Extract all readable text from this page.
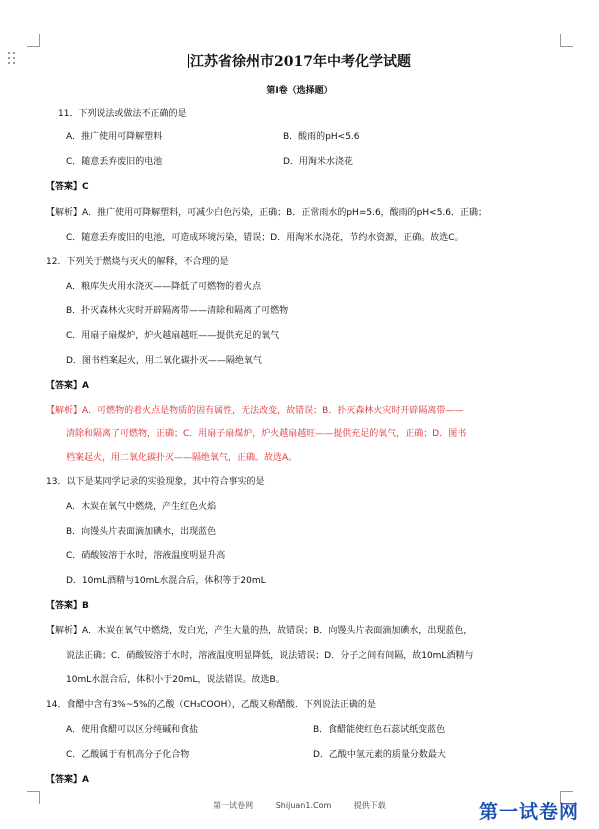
江苏省徐州市2017年中考化学试题
第Ⅰ卷（选择题）
11．下列说法或做法不正确的是
A．推广使用可降解塑料	B．酸雨的pH<5.6
C．随意丢弃废旧的电池	D．用淘米水浇花
【答案】C
【解析】A．推广使用可降解塑料，可减少白色污染，正确；B．正常雨水的pH=5.6，酸雨的pH<5.6．正确；
C．随意丢弃废旧的电池，可造成环境污染，错误；D．用淘米水浇花，节约水资源，正确。故选C。
12．下列关于燃烧与灭火的解释，不合理的是
A．粮库失火用水浇灭——降低了可燃物的着火点
B．扑灭森林火灾时开辟隔离带——清除和隔离了可燃物
C．用扇子扇煤炉，炉火越扇越旺——提供充足的氧气
D．图书档案起火，用二氧化碳扑灭——隔绝氧气
【答案】A
【解析】A．可燃物的着火点是物质的固有属性，无法改变，故错误；B．扑灭森林火灾时开辟隔离带——
清除和隔离了可燃物，正确；C．用扇子扇煤炉，炉火越扇越旺——提供充足的氧气，正确；D．图书
档案起火，用二氧化碳扑灭——隔绝氧气，正确。故选A。
13．以下是某同学记录的实验现象，其中符合事实的是
A．木炭在氧气中燃烧，产生红色火焰
B．向馒头片表面滴加碘水，出现蓝色
C．硝酸铵溶于水时，溶液温度明显升高
D．10mL酒精与10mL水混合后，体积等于20mL
【答案】B
【解析】A．木炭在氧气中燃烧，发白光，产生大量的热，故错误；B．向馒头片表面滴加碘水，出现蓝色，
说法正确；C．硝酸铵溶于水时，溶液温度明显降低，说法错误；D．分子之间有间隔，故10mL酒精与
10mL水混合后，体积小于20mL，说法错误。故选B。
14．食醋中含有3%~5%的乙酸（CH₃COOH），乙酸又称醋酸．下列说法正确的是
A．使用食醋可以区分纯碱和食盐	B．食醋能使红色石蕊试纸变蓝色
C．乙酸属于有机高分子化合物	D．乙酸中氢元素的质量分数最大
【答案】A
第一试卷网	Shijuan1.Com	提供下载	第一试卷网
